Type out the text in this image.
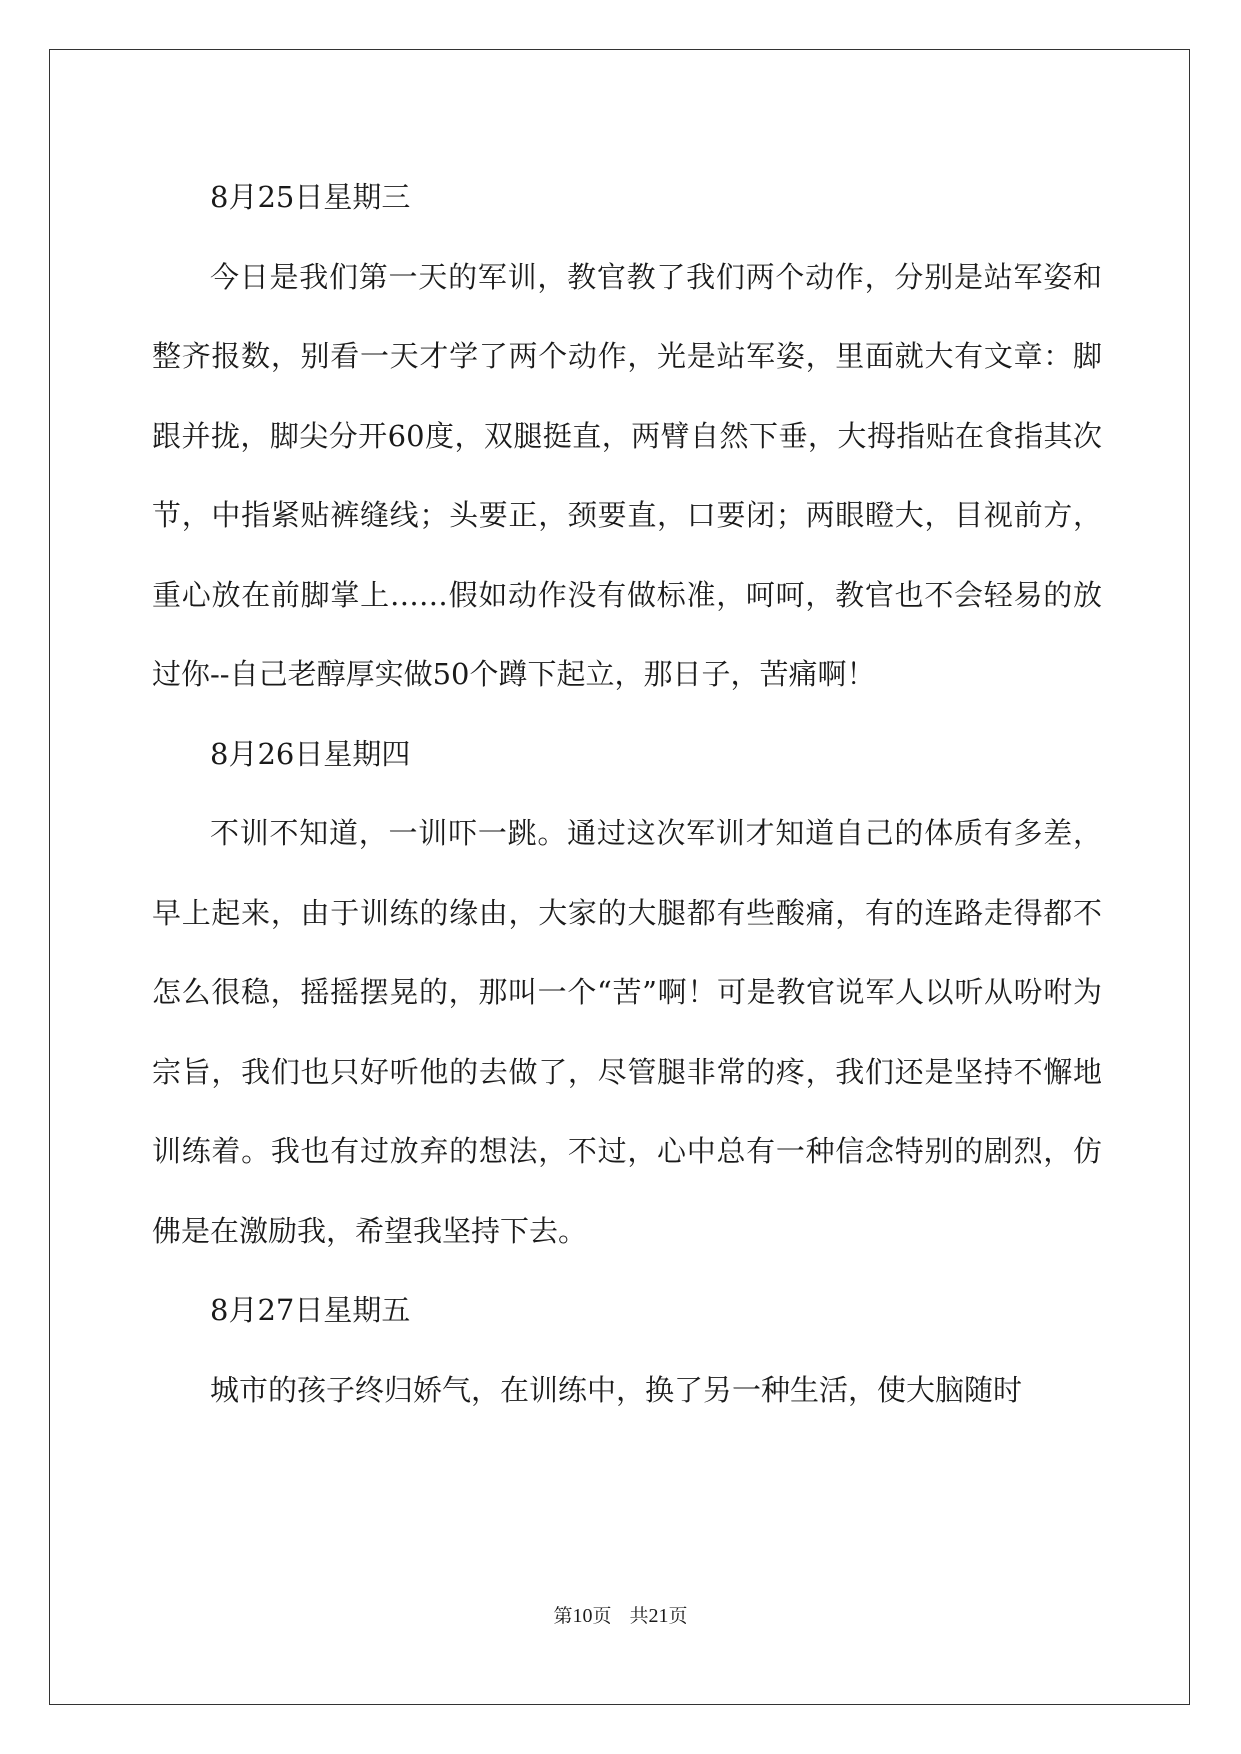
8月25日星期三

今日是我们第一天的军训，教官教了我们两个动作，分别是站军姿和整齐报数，别看一天才学了两个动作，光是站军姿，里面就大有文章：脚跟并拢，脚尖分开60度，双腿挺直，两臂自然下垂，大拇指贴在食指其次节，中指紧贴裤缝线；头要正，颈要直，口要闭；两眼瞪大，目视前方，重心放在前脚掌上……假如动作没有做标准，呵呵，教官也不会轻易的放过你--自己老醇厚实做50个蹲下起立，那日子，苦痛啊！

8月26日星期四

不训不知道，一训吓一跳。通过这次军训才知道自己的体质有多差，早上起来，由于训练的缘由，大家的大腿都有些酸痛，有的连路走得都不怎么很稳，摇摇摆晃的，那叫一个“苦”啊！可是教官说军人以听从吩咐为宗旨，我们也只好听他的去做了，尽管腿非常的疼，我们还是坚持不懈地训练着。我也有过放弃的想法，不过，心中总有一种信念特别的剧烈，仿佛是在激励我，希望我坚持下去。

8月27日星期五

城市的孩子终归娇气，在训练中，换了另一种生活，使大脑随时

第10页 共21页
